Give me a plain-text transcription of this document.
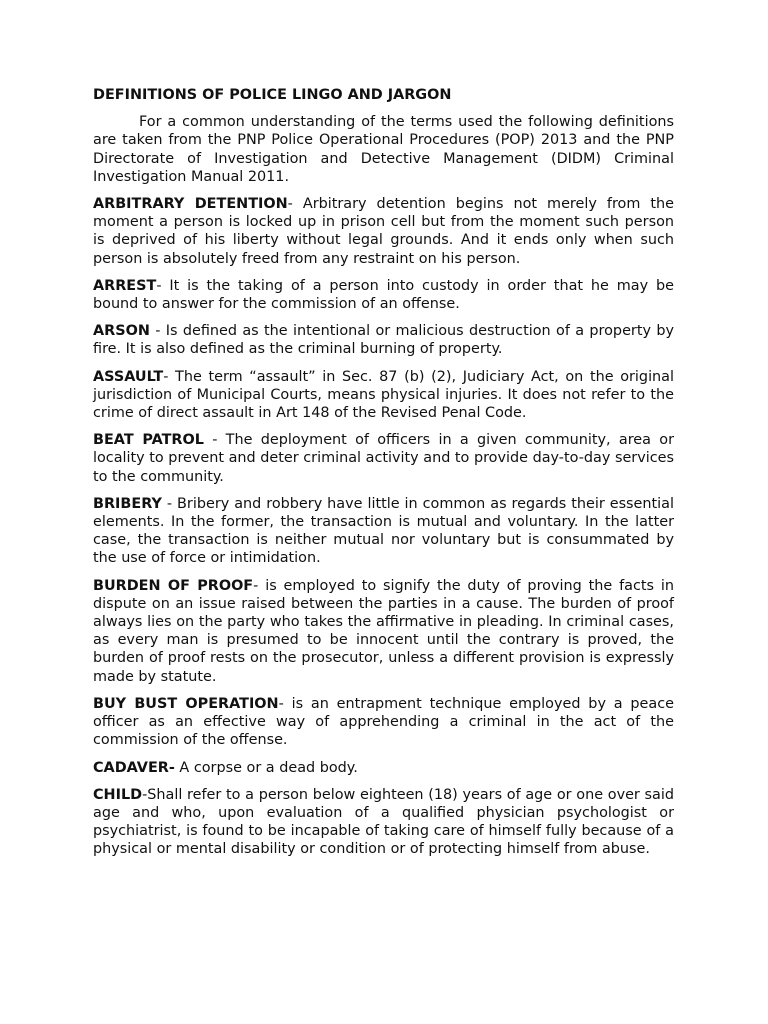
DEFINITIONS OF POLICE LINGO AND JARGON

For a common understanding of the terms used the following definitions are taken from the PNP Police Operational Procedures (POP) 2013 and the PNP Directorate of Investigation and Detective Management (DIDM) Criminal Investigation Manual 2011.

ARBITRARY DETENTION- Arbitrary detention begins not merely from the moment a person is locked up in prison cell but from the moment such person is deprived of his liberty without legal grounds. And it ends only when such person is absolutely freed from any restraint on his person.

ARREST- It is the taking of a person into custody in order that he may be bound to answer for the commission of an offense.

ARSON - Is defined as the intentional or malicious destruction of a property by fire. It is also defined as the criminal burning of property.

ASSAULT- The term “assault” in Sec. 87 (b) (2), Judiciary Act, on the original jurisdiction of Municipal Courts, means physical injuries. It does not refer to the crime of direct assault in Art 148 of the Revised Penal Code.

BEAT PATROL - The deployment of officers in a given community, area or locality to prevent and deter criminal activity and to provide day-to-day services to the community.

BRIBERY - Bribery and robbery have little in common as regards their essential elements. In the former, the transaction is mutual and voluntary. In the latter case, the transaction is neither mutual nor voluntary but is consummated by the use of force or intimidation.

BURDEN OF PROOF- is employed to signify the duty of proving the facts in dispute on an issue raised between the parties in a cause. The burden of proof always lies on the party who takes the affirmative in pleading. In criminal cases, as every man is presumed to be innocent until the contrary is proved, the burden of proof rests on the prosecutor, unless a different provision is expressly made by statute.

BUY BUST OPERATION- is an entrapment technique employed by a peace officer as an effective way of apprehending a criminal in the act of the commission of the offense.

CADAVER- A corpse or a dead body.

CHILD-Shall refer to a person below eighteen (18) years of age or one over said age and who, upon evaluation of a qualified physician psychologist or psychiatrist, is found to be incapable of taking care of himself fully because of a physical or mental disability or condition or of protecting himself from abuse.
